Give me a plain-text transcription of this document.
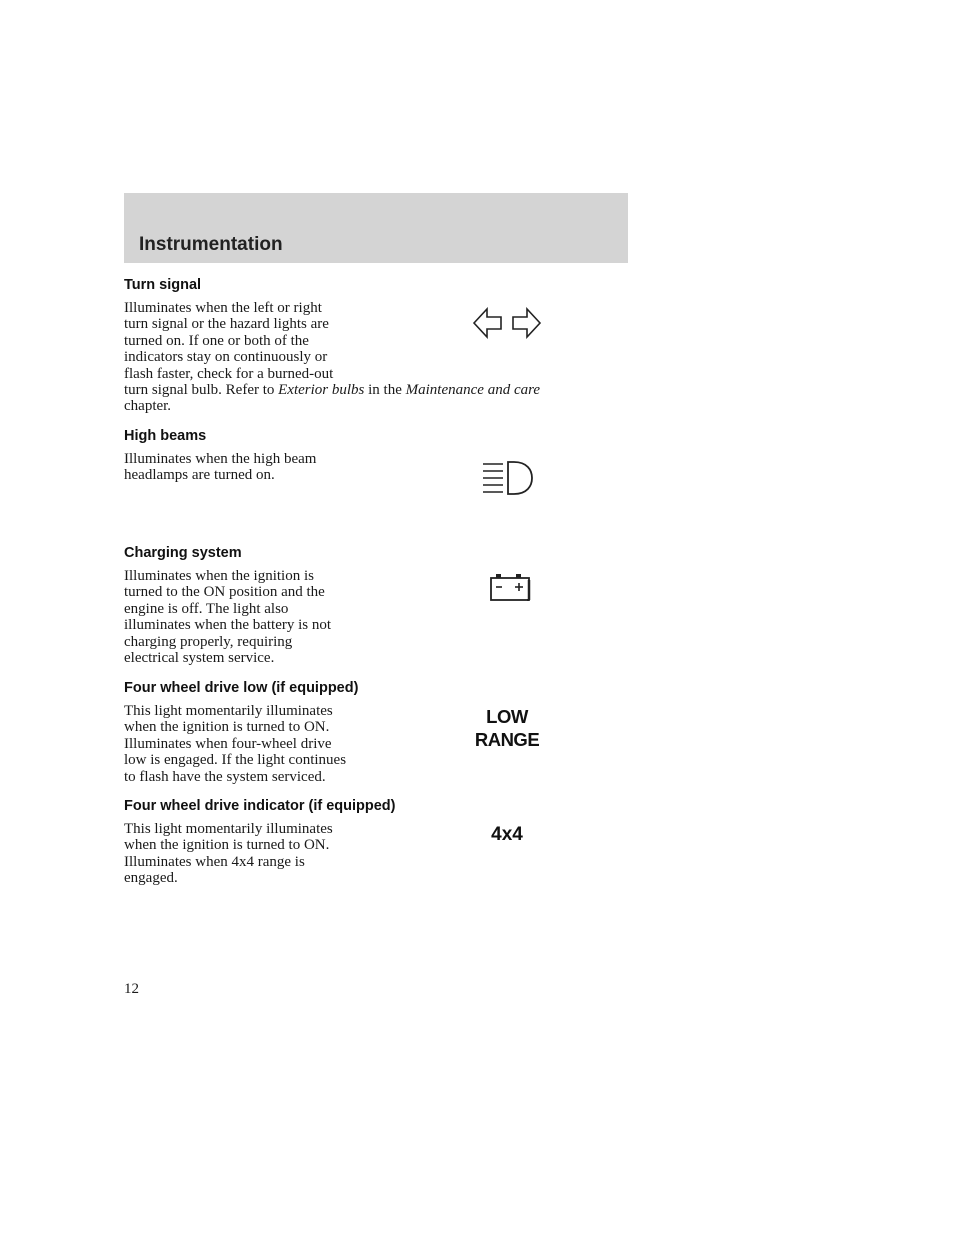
Instrumentation
Turn signal
Illuminates when the left or right
turn signal or the hazard lights are
turned on. If one or both of the
indicators stay on continuously or
flash faster, check for a burned-out
turn signal bulb. Refer to Exterior bulbs in the Maintenance and care
chapter.
High beams
Illuminates when the high beam
headlamps are turned on.
Charging system
Illuminates when the ignition is
turned to the ON position and the
engine is off. The light also
illuminates when the battery is not
charging properly, requiring
electrical system service.
Four wheel drive low (if equipped)
This light momentarily illuminates
when the ignition is turned to ON.
Illuminates when four-wheel drive
low is engaged. If the light continues
to flash have the system serviced.
LOW
RANGE
Four wheel drive indicator (if equipped)
This light momentarily illuminates
when the ignition is turned to ON.
Illuminates when 4x4 range is
engaged.
4x4
12
